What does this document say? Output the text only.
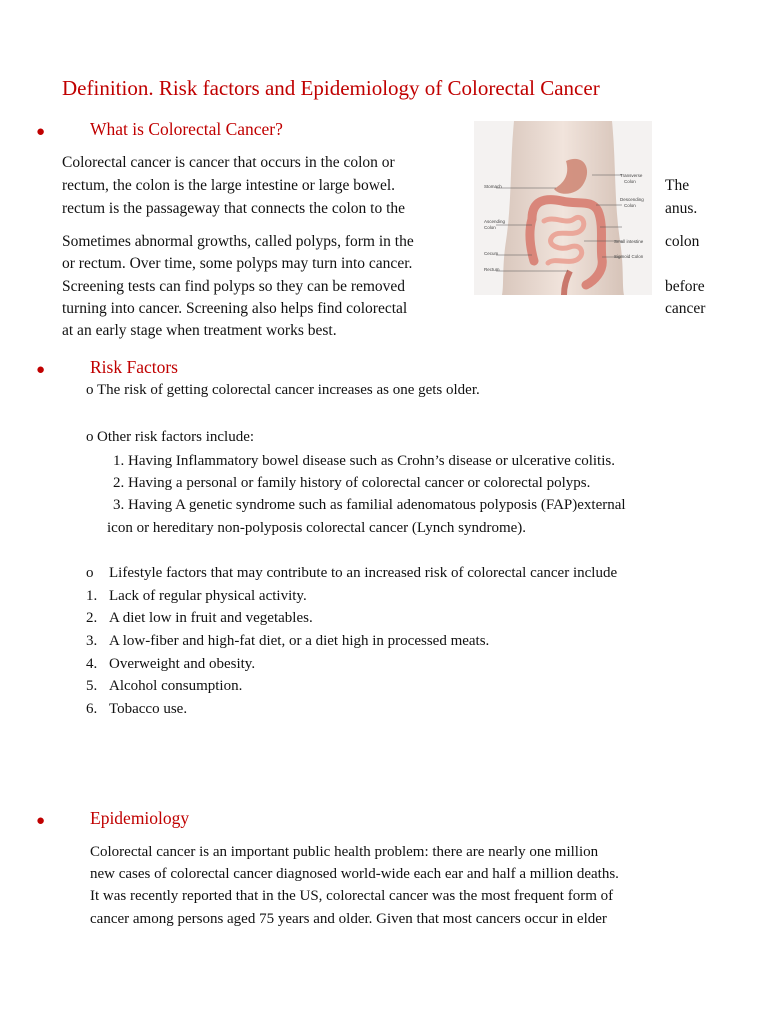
Definition. Risk factors and Epidemiology of Colorectal Cancer
●	What is Colorectal Cancer?
Colorectal cancer is cancer that occurs in the colon or
rectum, the colon is the large intestine or large bowel.
rectum is the passageway that connects the colon to the
The
anus.
Sometimes abnormal growths, called polyps, form in the
or rectum. Over time, some polyps may turn into cancer.
Screening tests can find polyps so they can be removed
turning into cancer. Screening also helps find colorectal
at an early stage when treatment works best.
colon
before
cancer
Stomach
Ascending
Colon
Cecum
Rectum
Transverse
Colon
Descending
Colon
Small intestine
Sigmoid Colon
●	Risk Factors
o The risk of getting colorectal cancer increases as one gets older.
o Other risk factors include:
1. Having Inflammatory bowel disease such as Crohn’s disease or ulcerative colitis.
2. Having a personal or family history of colorectal cancer or colorectal polyps.
3. Having A genetic syndrome such as familial adenomatous polyposis (FAP)external
icon or hereditary non-polyposis colorectal cancer (Lynch syndrome).
o Lifestyle factors that may contribute to an increased risk of colorectal cancer include
1. Lack of regular physical activity.
2. A diet low in fruit and vegetables.
3. A low-fiber and high-fat diet, or a diet high in processed meats.
4. Overweight and obesity.
5. Alcohol consumption.
6. Tobacco use.
●	Epidemiology
Colorectal cancer is an important public health problem: there are nearly one million
new cases of colorectal cancer diagnosed world-wide each ear and half a million deaths.
It was recently reported that in the US, colorectal cancer was the most frequent form of
cancer among persons aged 75 years and older. Given that most cancers occur in elder
